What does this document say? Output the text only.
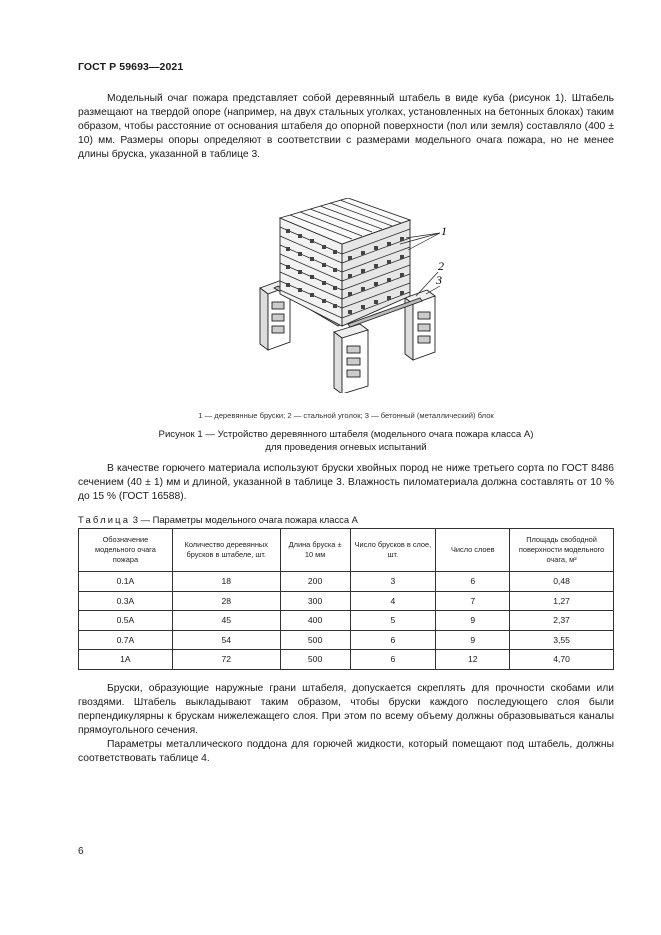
ГОСТ Р 59693—2021

Модельный очаг пожара представляет собой деревянный штабель в виде куба (рисунок 1). Штабель размещают на твердой опоре (например, на двух стальных уголках, установленных на бетонных блоках) таким образом, чтобы расстояние от основания штабеля до опорной поверхности (пол или земля) составляло (400 ± 10) мм. Размеры опоры определяют в соответствии с размерами модельного очага пожара, но не менее длины бруска, указанной в таблице 3.

1
2
3
1 — деревянные бруски; 2 — стальной уголок; 3 — бетонный (металлический) блок
Рисунок 1 — Устройство деревянного штабеля (модельного очага пожара класса А)
для проведения огневых испытаний

В качестве горючего материала используют бруски хвойных пород не ниже третьего сорта по ГОСТ 8486 сечением (40 ± 1) мм и длиной, указанной в таблице 3. Влажность пиломатериала должна составлять от 10 % до 15 % (ГОСТ 16588).

Таблица 3 — Параметры модельного очага пожара класса А
Обозначение модельного очага пожара	Количество деревянных брусков в штабеле, шт.	Длина бруска ± 10 мм	Число брусков в слое, шт.	Число слоев	Площадь свободной поверхности модельного очага, м²
0.1A	18	200	3	6	0,48
0.3A	28	300	4	7	1,27
0.5A	45	400	5	9	2,37
0.7A	54	500	6	9	3,55
1A	72	500	6	12	4,70

Бруски, образующие наружные грани штабеля, допускается скреплять для прочности скобами или гвоздями. Штабель выкладывают таким образом, чтобы бруски каждого последующего слоя были перпендикулярны к брускам нижележащего слоя. При этом по всему объему должны образовываться каналы прямоугольного сечения.

Параметры металлического поддона для горючей жидкости, который помещают под штабель, должны соответствовать таблице 4.

6
